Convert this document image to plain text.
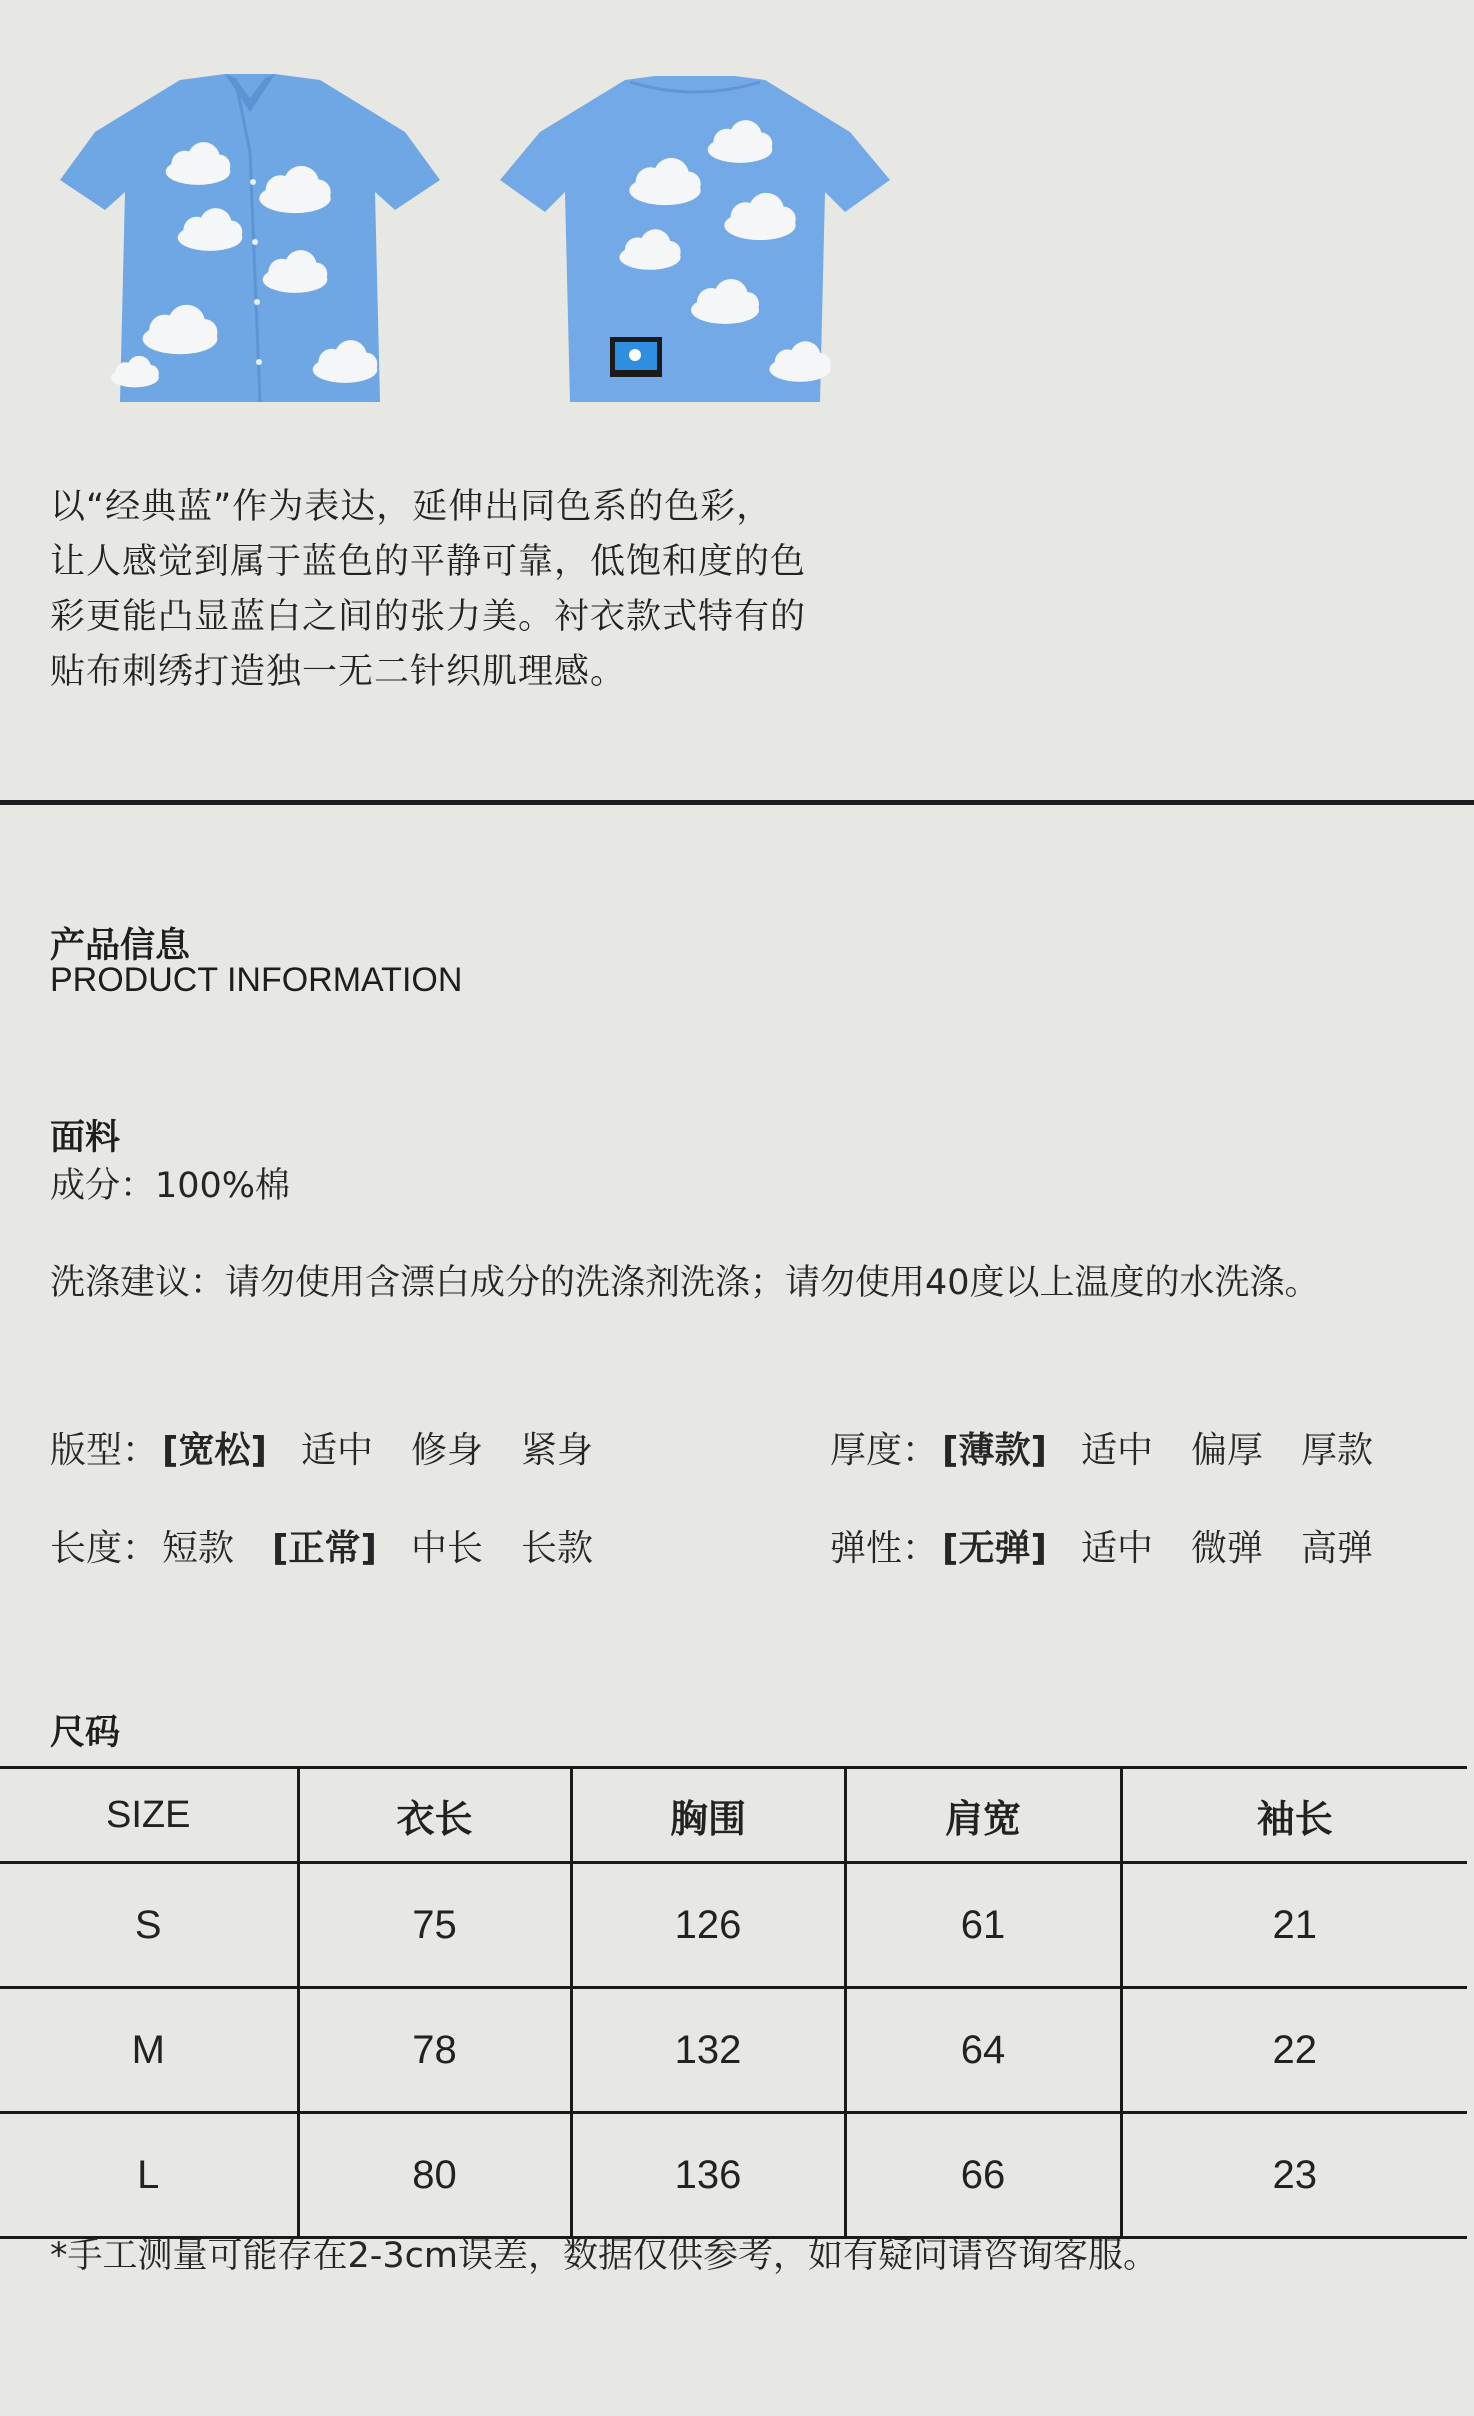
以“经典蓝”作为表达，延伸出同色系的色彩，
让人感觉到属于蓝色的平静可靠，低饱和度的色
彩更能凸显蓝白之间的张力美。衬衣款式特有的
贴布刺绣打造独一无二针织肌理感。
产品信息
PRODUCT INFORMATION
面料
成分：100%棉
洗涤建议：请勿使用含漂白成分的洗涤剂洗涤；请勿使用40度以上温度的水洗涤。
版型： [宽松] 适中 修身 紧身	厚度： [薄款] 适中 偏厚 厚款
长度： 短款 [正常] 中长 长款	弹性： [无弹] 适中 微弹 高弹
尺码
SIZE	衣长	胸围	肩宽	袖长
S	75	126	61	21
M	78	132	64	22
L	80	136	66	23
*手工测量可能存在2-3cm误差，数据仅供参考，如有疑问请咨询客服。
